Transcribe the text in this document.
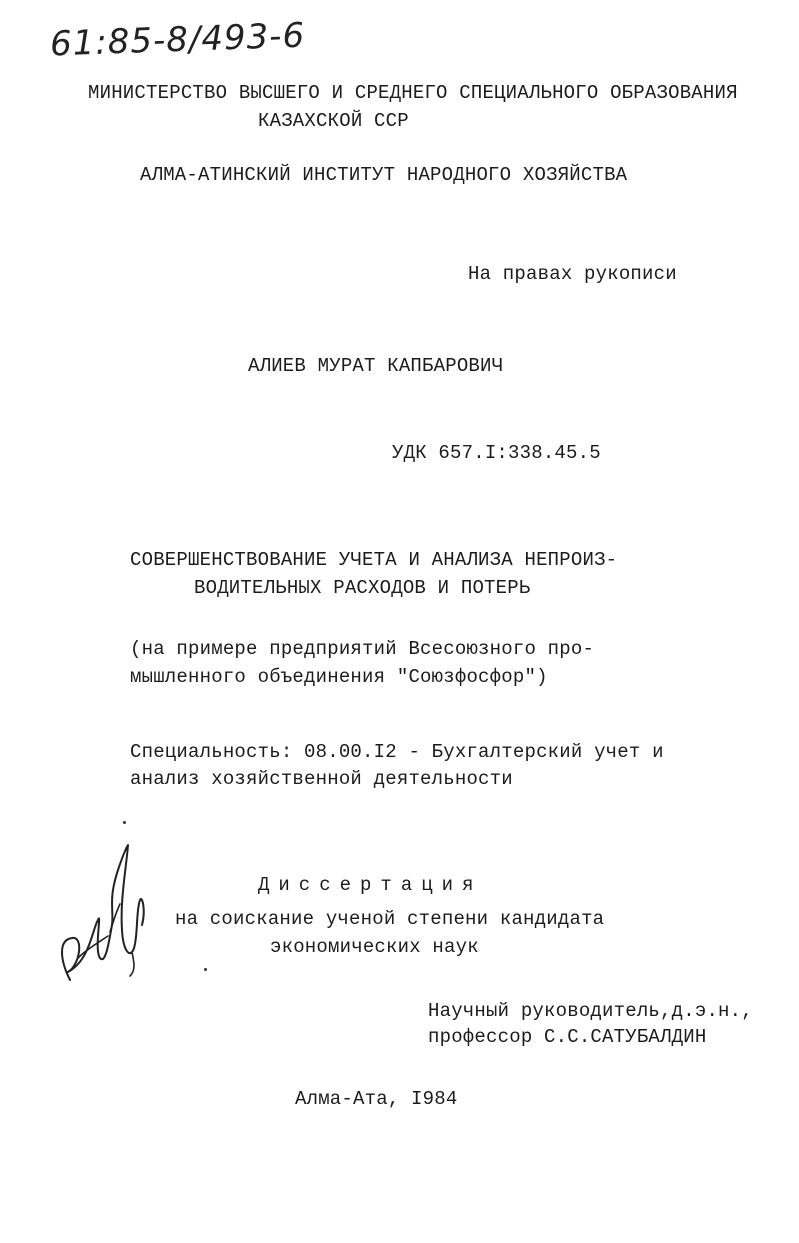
61:85-8/493-6
МИНИСТЕРСТВО ВЫСШЕГО И СРЕДНЕГО СПЕЦИАЛЬНОГО ОБРАЗОВАНИЯ
КАЗАХСКОЙ ССР
АЛМА-АТИНСКИЙ ИНСТИТУТ НАРОДНОГО ХОЗЯЙСТВА
На правах рукописи
АЛИЕВ МУРАТ КАПБАРОВИЧ
УДК 657.I:338.45.5
СОВЕРШЕНСТВОВАНИЕ УЧЕТА И АНАЛИЗА НЕПРОИЗ-
ВОДИТЕЛЬНЫХ РАСХОДОВ И ПОТЕРЬ
(на примере предприятий Всесоюзного про-
мышленного объединения "Союзфосфор")
Специальность: 08.00.I2 - Бухгалтерский учет и
анализ хозяйственной деятельности
Диссертация
на соискание ученой степени кандидата
экономических наук
Научный руководитель,д.э.н.,
профессор С.С.САТУБАЛДИН
Алма-Ата, I984
